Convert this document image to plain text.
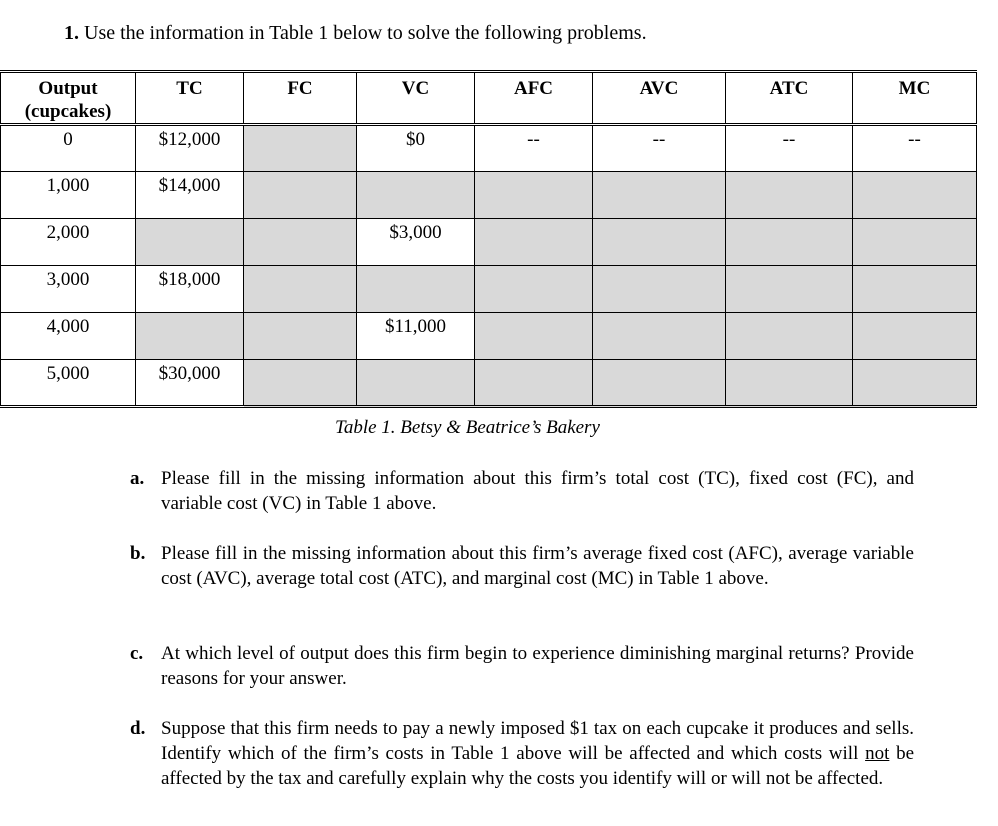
1. Use the information in Table 1 below to solve the following problems.
Output
(cupcakes)	TC	FC	VC	AFC	AVC	ATC	MC
0	$12,000		$0	--	--	--	--
1,000	$14,000						
2,000			$3,000				
3,000	$18,000						
4,000			$11,000				
5,000	$30,000						
Table 1. Betsy & Beatrice’s Bakery
a. Please fill in the missing information about this firm’s total cost (TC), fixed cost (FC), and variable cost (VC) in Table 1 above.
b. Please fill in the missing information about this firm’s average fixed cost (AFC), average variable cost (AVC), average total cost (ATC), and marginal cost (MC) in Table 1 above.
c. At which level of output does this firm begin to experience diminishing marginal returns? Provide reasons for your answer.
d. Suppose that this firm needs to pay a newly imposed $1 tax on each cupcake it produces and sells. Identify which of the firm’s costs in Table 1 above will be affected and which costs will not be affected by the tax and carefully explain why the costs you identify will or will not be affected.
